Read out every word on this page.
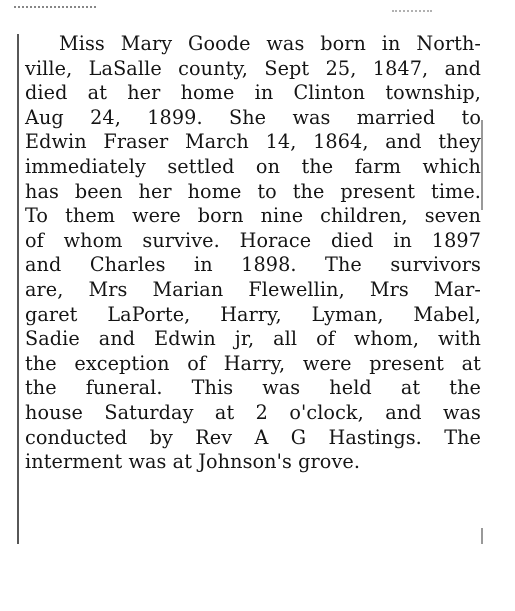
Miss Mary Goode was born in North-
ville, LaSalle county, Sept 25, 1847, and
died at her home in Clinton township,
Aug 24, 1899. She was married to
Edwin Fraser March 14, 1864, and they
immediately settled on the farm which
has been her home to the present time.
To them were born nine children, seven
of whom survive. Horace died in 1897
and Charles in 1898. The survivors
are, Mrs Marian Flewellin, Mrs Mar-
garet LaPorte, Harry, Lyman, Mabel,
Sadie and Edwin jr, all of whom, with
the exception of Harry, were present at
the funeral. This was held at the
house Saturday at 2 o'clock, and was
conducted by Rev A G Hastings. The
interment was at Johnson's grove.
